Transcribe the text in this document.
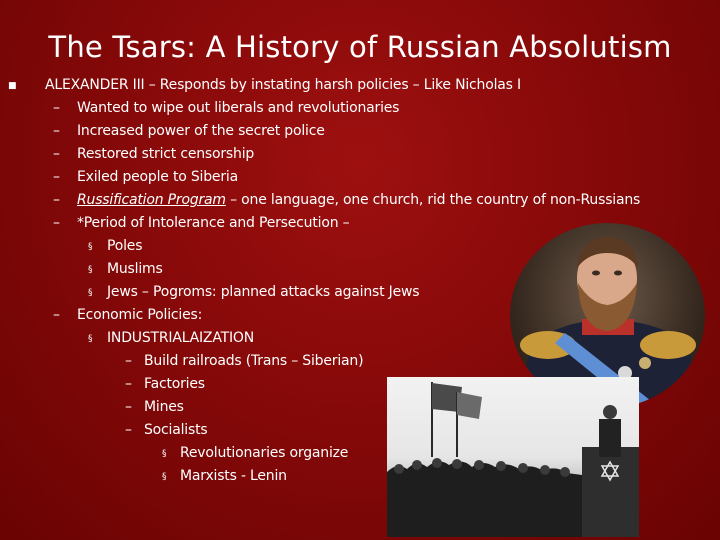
The Tsars: A History of Russian Absolutism
■ ALEXANDER III – Responds by instating harsh policies – Like Nicholas I
– Wanted to wipe out liberals and revolutionaries
– Increased power of the secret police
– Restored strict censorship
– Exiled people to Siberia
– Russification Program – one language, one church, rid the country of non-Russians
– *Period of Intolerance and Persecution –
§ Poles
§ Muslims
§ Jews – Pogroms: planned attacks against Jews
– Economic Policies:
§ INDUSTRIALAIZATION
– Build railroads (Trans – Siberian)
– Factories
– Mines
– Socialists
§ Revolutionaries organize
§ Marxists - Lenin
